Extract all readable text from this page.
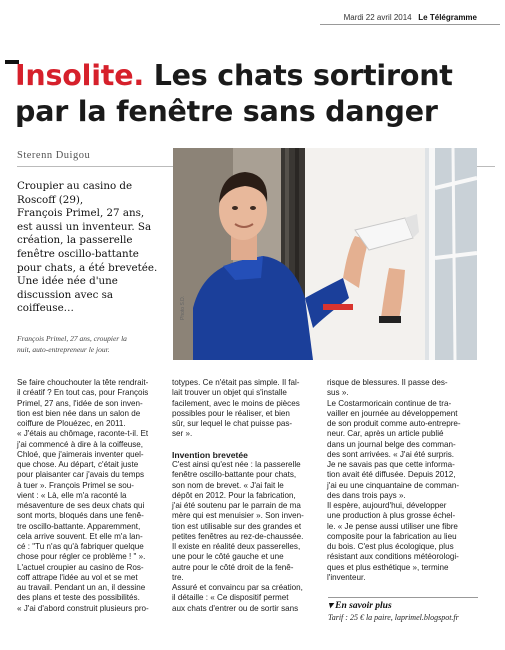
Mardi 22 avril 2014 Le Télégramme
Insolite. Les chats sortiront
par la fenêtre sans danger
Sterenn Duigou
Croupier au casino de
Roscoff (29),
François Primel, 27 ans,
est aussi un inventeur. Sa
création, la passerelle
fenêtre oscillo-battante
pour chats, a été brevetée.
Une idée née d'une
discussion avec sa
coiffeuse…
François Primel, 27 ans, croupier la
nuit, auto-entrepreneur le jour.
Photo S.D.
Se faire chouchouter la tête rendrait-
il créatif ? En tout cas, pour François
Primel, 27 ans, l'idée de son inven-
tion est bien née dans un salon de
coiffure de Plouézec, en 2011.
« J'étais au chômage, raconte-t-il. Et
j'ai commencé à dire à la coiffeuse,
Chloé, que j'aimerais inventer quel-
que chose. Au départ, c'était juste
pour plaisanter car j'avais du temps
à tuer ». François Primel se sou-
vient : « Là, elle m'a raconté la
mésaventure de ses deux chats qui
sont morts, bloqués dans une fenê-
tre oscillo-battante. Apparemment,
cela arrive souvent. Et elle m'a lan-
cé : "Tu n'as qu'à fabriquer quelque
chose pour régler ce problème ! " ».
L'actuel croupier au casino de Ros-
coff attrape l'idée au vol et se met
au travail. Pendant un an, il dessine
des plans et teste des possibilités.
« J'ai d'abord construit plusieurs pro-
totypes. Ce n'était pas simple. Il fal-
lait trouver un objet qui s'installe
facilement, avec le moins de pièces
possibles pour le réaliser, et bien
sûr, sur lequel le chat puisse pas-
ser ».

Invention brevetée
C'est ainsi qu'est née : la passerelle
fenêtre oscillo-battante pour chats,
son nom de brevet. « J'ai fait le
dépôt en 2012. Pour la fabrication,
j'ai été soutenu par le parrain de ma
mère qui est menuisier ». Son inven-
tion est utilisable sur des grandes et
petites fenêtres au rez-de-chaussée.
Il existe en réalité deux passerelles,
une pour le côté gauche et une
autre pour le côté droit de la fenê-
tre.
Assuré et convaincu par sa création,
il détaille : « Ce dispositif permet
aux chats d'entrer ou de sortir sans
risque de blessures. Il passe des-
sus ».
Le Costarmoricain continue de tra-
vailler en journée au développement
de son produit comme auto-entrepre-
neur. Car, après un article publié
dans un journal belge des comman-
des sont arrivées. « J'ai été surpris.
Je ne savais pas que cette informa-
tion avait été diffusée. Depuis 2012,
j'ai eu une cinquantaine de comman-
des dans trois pays ».
Il espère, aujourd'hui, développer
une production à plus grosse échel-
le. « Je pense aussi utiliser une fibre
composite pour la fabrication au lieu
du bois. C'est plus écologique, plus
résistant aux conditions météorologi-
ques et plus esthétique », termine
l'inventeur.
▾ En savoir plus
Tarif : 25 € la paire, laprimel.blogspot.fr
